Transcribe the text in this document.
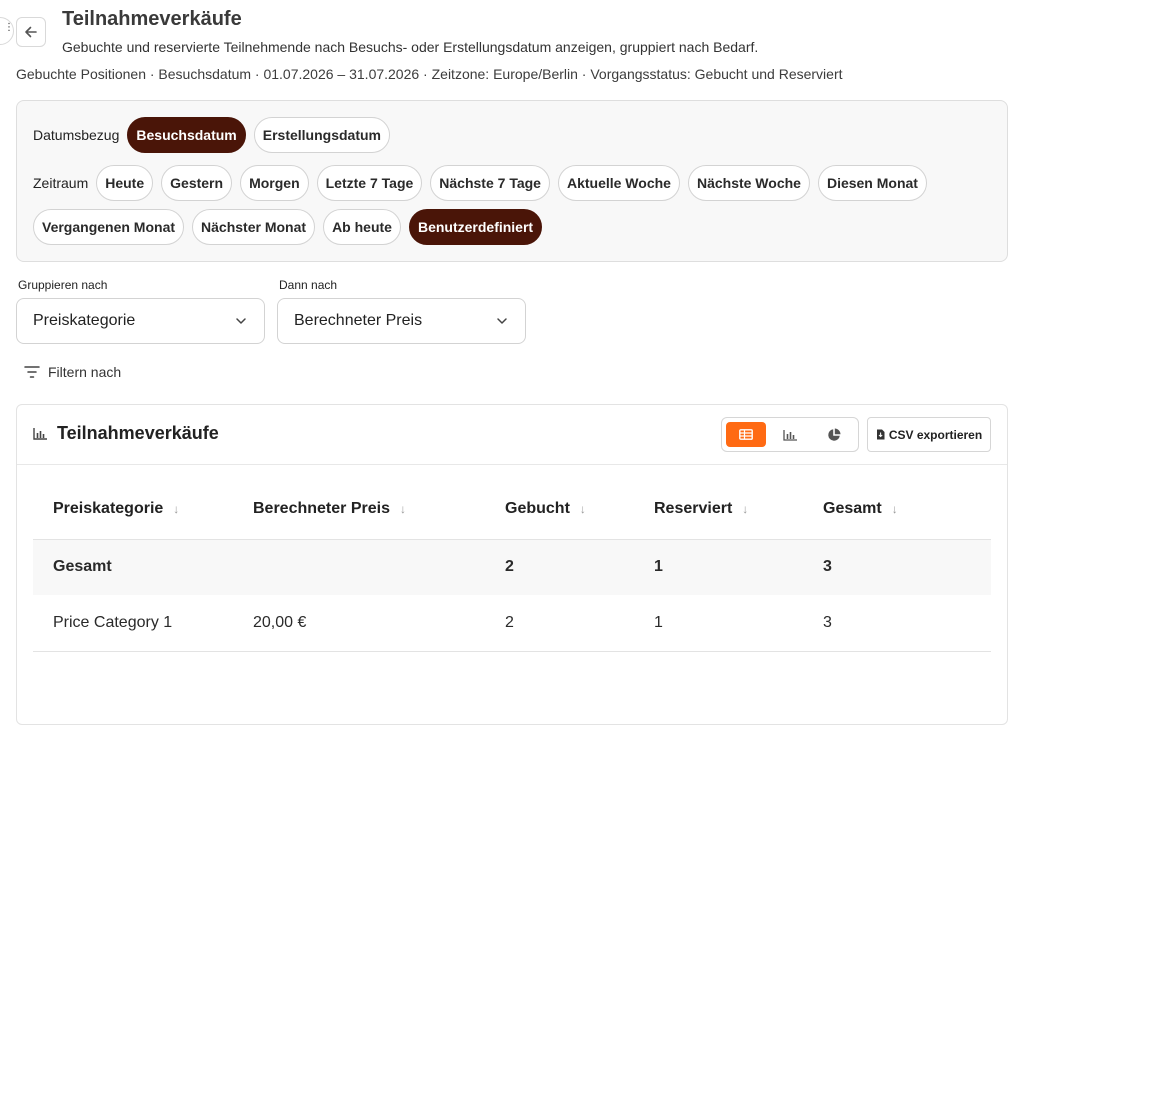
⋮ Teilnahmeverkäufe
Gebuchte und reservierte Teilnehmende nach Besuchs- oder Erstellungsdatum anzeigen, gruppiert nach Bedarf.
Gebuchte Positionen · Besuchsdatum · 01.07.2026 – 31.07.2026 · Zeitzone: Europe/Berlin · Vorgangsstatus: Gebucht und Reserviert
Datumsbezug	Besuchsdatum	Erstellungsdatum
Zeitraum	Heute	Gestern	Morgen	Letzte 7 Tage	Nächste 7 Tage	Aktuelle Woche	Nächste Woche	Diesen Monat
Vergangenen Monat	Nächster Monat	Ab heute	Benutzerdefiniert
Gruppieren nach
Preiskategorie
Dann nach
Berechneter Preis
Filtern nach
Teilnahmeverkäufe	CSV exportieren
Preiskategorie ↓	Berechneter Preis ↓	Gebucht ↓	Reserviert ↓	Gesamt ↓

Gesamt		2	1	3
Price Category 1	20,00 €	2	1	3
